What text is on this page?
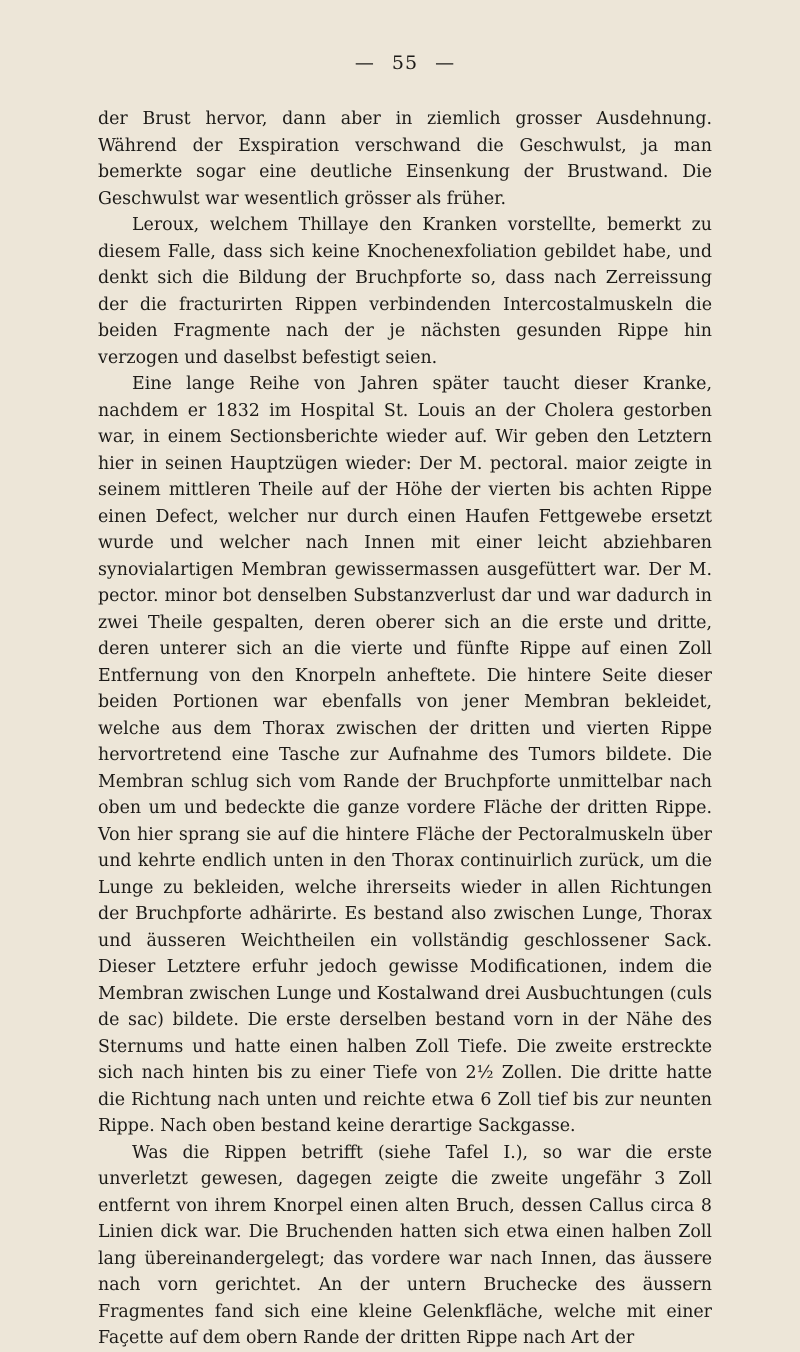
— 55 —

der Brust hervor, dann aber in ziemlich grosser Ausdehnung. Während der Exspiration verschwand die Geschwulst, ja man bemerkte sogar eine deutliche Einsenkung der Brustwand. Die Geschwulst war wesentlich grösser als früher.

Leroux, welchem Thillaye den Kranken vorstellte, bemerkt zu diesem Falle, dass sich keine Knochenexfoliation gebildet habe, und denkt sich die Bildung der Bruchpforte so, dass nach Zerreissung der die fracturirten Rippen verbindenden Intercostalmuskeln die beiden Fragmente nach der je nächsten gesunden Rippe hin verzogen und daselbst befestigt seien.

Eine lange Reihe von Jahren später taucht dieser Kranke, nachdem er 1832 im Hospital St. Louis an der Cholera gestorben war, in einem Sectionsberichte wieder auf. Wir geben den Letztern hier in seinen Hauptzügen wieder: Der M. pectoral. maior zeigte in seinem mittleren Theile auf der Höhe der vierten bis achten Rippe einen Defect, welcher nur durch einen Haufen Fettgewebe ersetzt wurde und welcher nach Innen mit einer leicht abziehbaren synovialartigen Membran gewissermassen ausgefüttert war. Der M. pector. minor bot denselben Substanzverlust dar und war dadurch in zwei Theile gespalten, deren oberer sich an die erste und dritte, deren unterer sich an die vierte und fünfte Rippe auf einen Zoll Entfernung von den Knorpeln anheftete. Die hintere Seite dieser beiden Portionen war ebenfalls von jener Membran bekleidet, welche aus dem Thorax zwischen der dritten und vierten Rippe hervortretend eine Tasche zur Aufnahme des Tumors bildete. Die Membran schlug sich vom Rande der Bruchpforte unmittelbar nach oben um und bedeckte die ganze vordere Fläche der dritten Rippe. Von hier sprang sie auf die hintere Fläche der Pectoralmuskeln über und kehrte endlich unten in den Thorax continuirlich zurück, um die Lunge zu bekleiden, welche ihrerseits wieder in allen Richtungen der Bruchpforte adhärirte. Es bestand also zwischen Lunge, Thorax und äusseren Weichtheilen ein vollständig geschlossener Sack. Dieser Letztere erfuhr jedoch gewisse Modificationen, indem die Membran zwischen Lunge und Kostalwand drei Ausbuchtungen (culs de sac) bildete. Die erste derselben bestand vorn in der Nähe des Sternums und hatte einen halben Zoll Tiefe. Die zweite erstreckte sich nach hinten bis zu einer Tiefe von 2½ Zollen. Die dritte hatte die Richtung nach unten und reichte etwa 6 Zoll tief bis zur neunten Rippe. Nach oben bestand keine derartige Sackgasse.

Was die Rippen betrifft (siehe Tafel I.), so war die erste unverletzt gewesen, dagegen zeigte die zweite ungefähr 3 Zoll entfernt von ihrem Knorpel einen alten Bruch, dessen Callus circa 8 Linien dick war. Die Bruchenden hatten sich etwa einen halben Zoll lang übereinandergelegt; das vordere war nach Innen, das äussere nach vorn gerichtet. An der untern Bruchecke des äussern Fragmentes fand sich eine kleine Gelenkfläche, welche mit einer Façette auf dem obern Rande der dritten Rippe nach Art der
